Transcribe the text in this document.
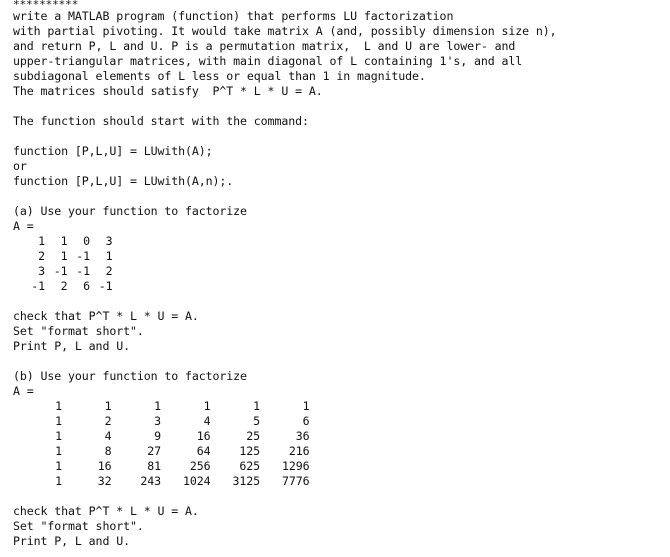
**********
write a MATLAB program (function) that performs LU factorization
with partial pivoting. It would take matrix A (and, possibly dimension size n),
and return P, L and U. P is a permutation matrix,  L and U are lower- and
upper-triangular matrices, with main diagonal of L containing 1's, and all
subdiagonal elements of L less or equal than 1 in magnitude.
The matrices should satisfy  P^T * L * U = A.
The function should start with the command:
function [P,L,U] = LUwith(A);
or
function [P,L,U] = LUwith(A,n);.
(a) Use your function to factorize
A =
1	1	0	3
2	1	-1	1
3	-1	-1	2
-1	2	6	-1
check that P^T * L * U = A.
Set "format short".
Print P, L and U.
(b) Use your function to factorize
A =
1	1	1	1	1	1
1	2	3	4	5	6
1	4	9	16	25	36
1	8	27	64	125	216
1	16	81	256	625	1296
1	32	243	1024	3125	7776
check that P^T * L * U = A.
Set "format short".
Print P, L and U.
